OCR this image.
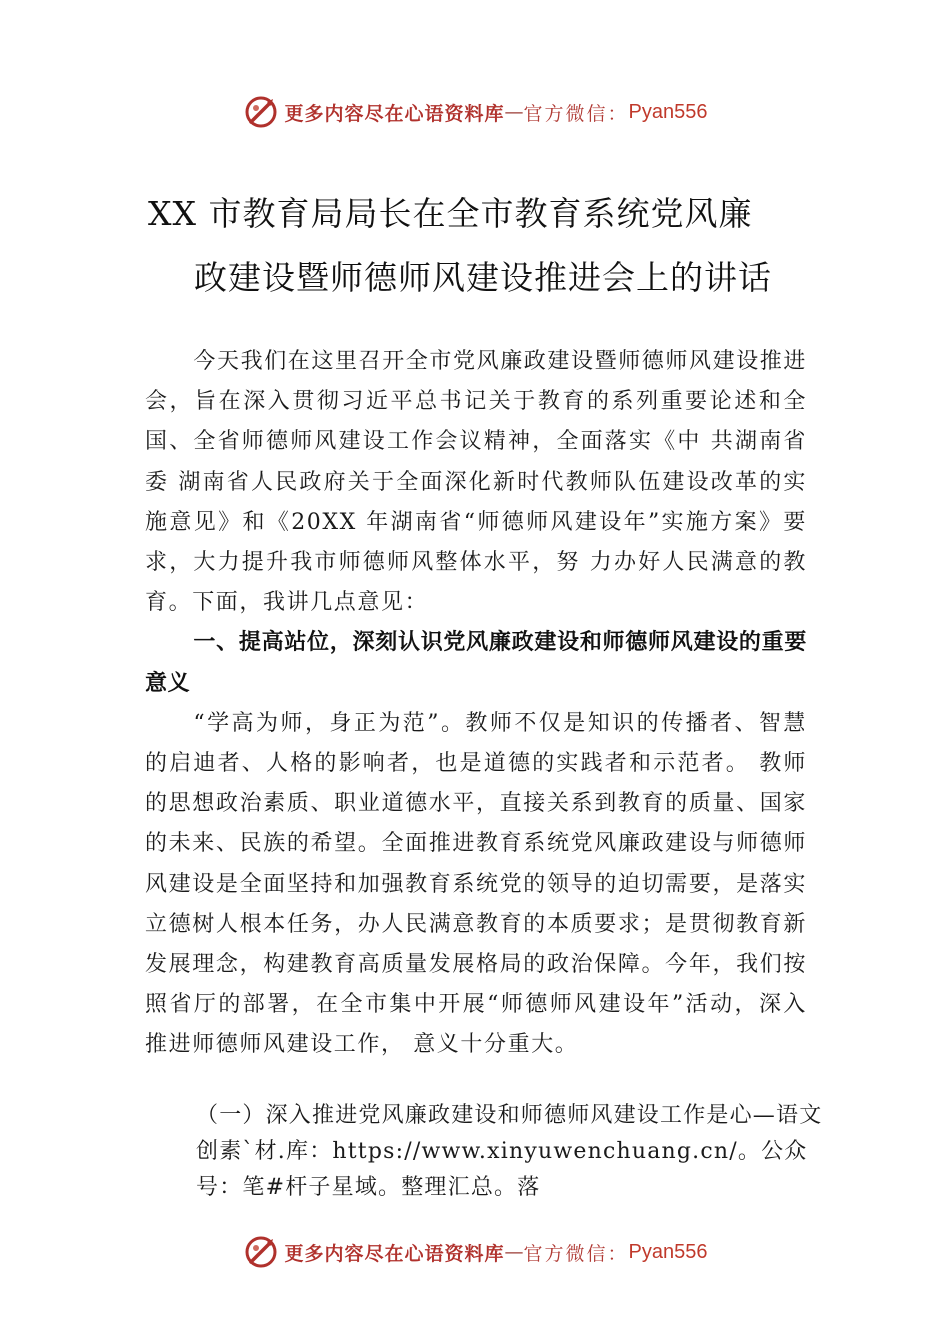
更多内容尽在心语资料库 — 官方微信： Pyan556
XX 市教育局局长在全市教育系统党风廉
政建设暨师德师风建设推进会上的讲话

今天我们在这里召开全市党风廉政建设暨师德师风建设推进会，旨在深入贯彻习近平总书记关于教育的系列重要论述和全国、全省师德师风建设工作会议精神，全面落实《中 共湖南省委 湖南省人民政府关于全面深化新时代教师队伍建设改革的实施意见》和《20XX 年湖南省“师德师风建设年”实施方案》要求，大力提升我市师德师风整体水平，努 力办好人民满意的教育。下面，我讲几点意见：

一、提高站位，深刻认识党风廉政建设和师德师风建设的重要意义

“学高为师，身正为范”。教师不仅是知识的传播者、智慧的启迪者、人格的影响者，也是道德的实践者和示范者。 教师的思想政治素质、职业道德水平，直接关系到教育的质量、国家的未来、民族的希望。全面推进教育系统党风廉政建设与师德师风建设是全面坚持和加强教育系统党的领导的迫切需要，是落实立德树人根本任务，办人民满意教育的本质要求；是贯彻教育新发展理念，构建教育高质量发展格局的政治保障。今年，我们按照省厅的部署，在全市集中开展“师德师风建设年”活动，深入推进师德师风建设工作， 意义十分重大。

（一）深入推进党风廉政建设和师德师风建设工作是心—语文创素`材.库：https://www.xinyuwenchuang.cn/。公众号：笔#杆子星域。整理汇总。落

更多内容尽在心语资料库 — 官方微信： Pyan556
